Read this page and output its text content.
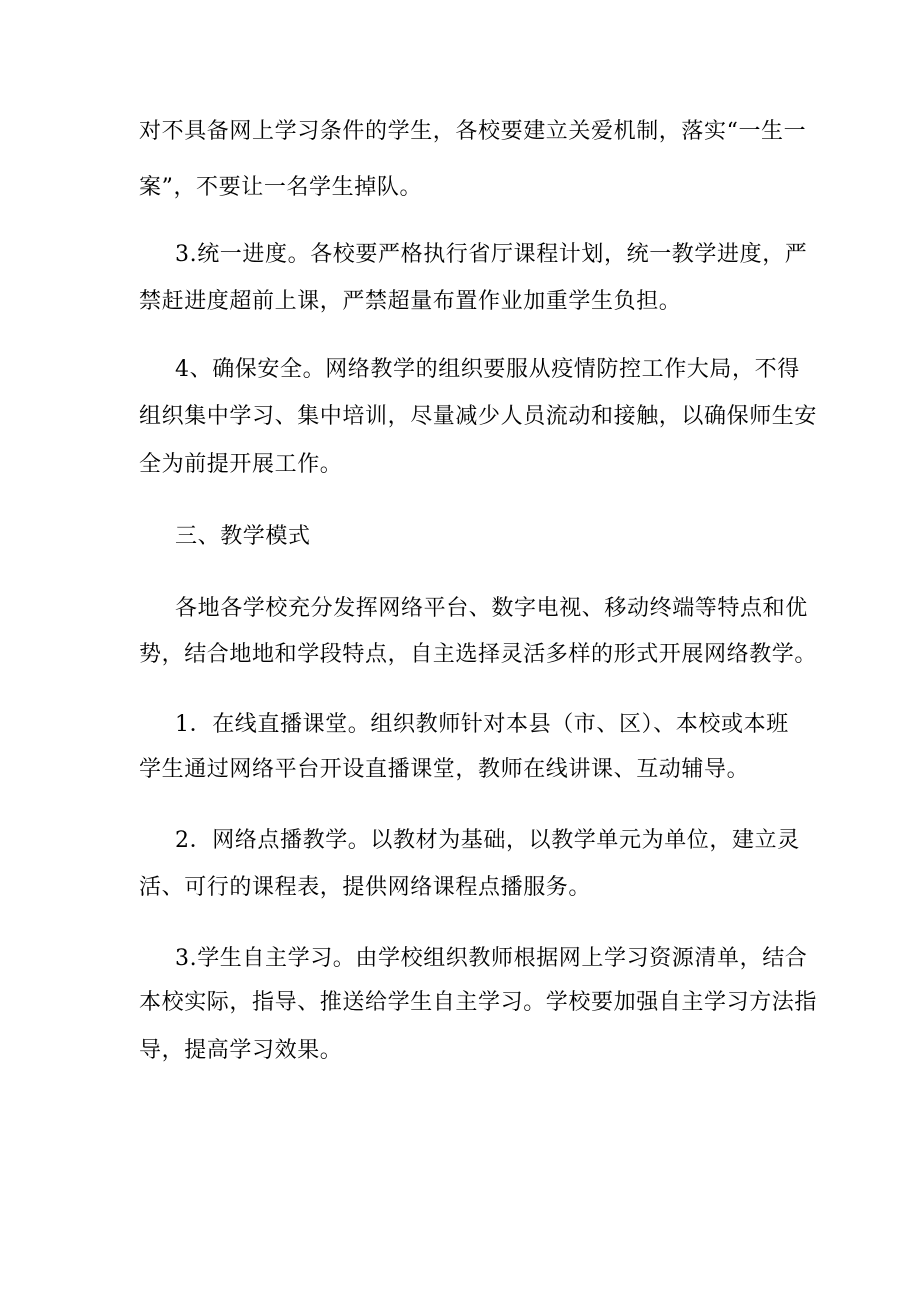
对不具备网上学习条件的学生，各校要建立关爱机制，落实“一生一
案”，不要让一名学生掉队。
3.统一进度。各校要严格执行省厅课程计划，统一教学进度，严
禁赶进度超前上课，严禁超量布置作业加重学生负担。
4、确保安全。网络教学的组织要服从疫情防控工作大局，不得
组织集中学习、集中培训，尽量减少人员流动和接触，以确保师生安
全为前提开展工作。
三、教学模式
各地各学校充分发挥网络平台、数字电视、移动终端等特点和优
势，结合地地和学段特点，自主选择灵活多样的形式开展网络教学。
1．在线直播课堂。组织教师针对本县（市、区）、本校或本班
学生通过网络平台开设直播课堂，教师在线讲课、互动辅导。
2．网络点播教学。以教材为基础，以教学单元为单位，建立灵
活、可行的课程表，提供网络课程点播服务。
3.学生自主学习。由学校组织教师根据网上学习资源清单，结合
本校实际，指导、推送给学生自主学习。学校要加强自主学习方法指
导，提高学习效果。
